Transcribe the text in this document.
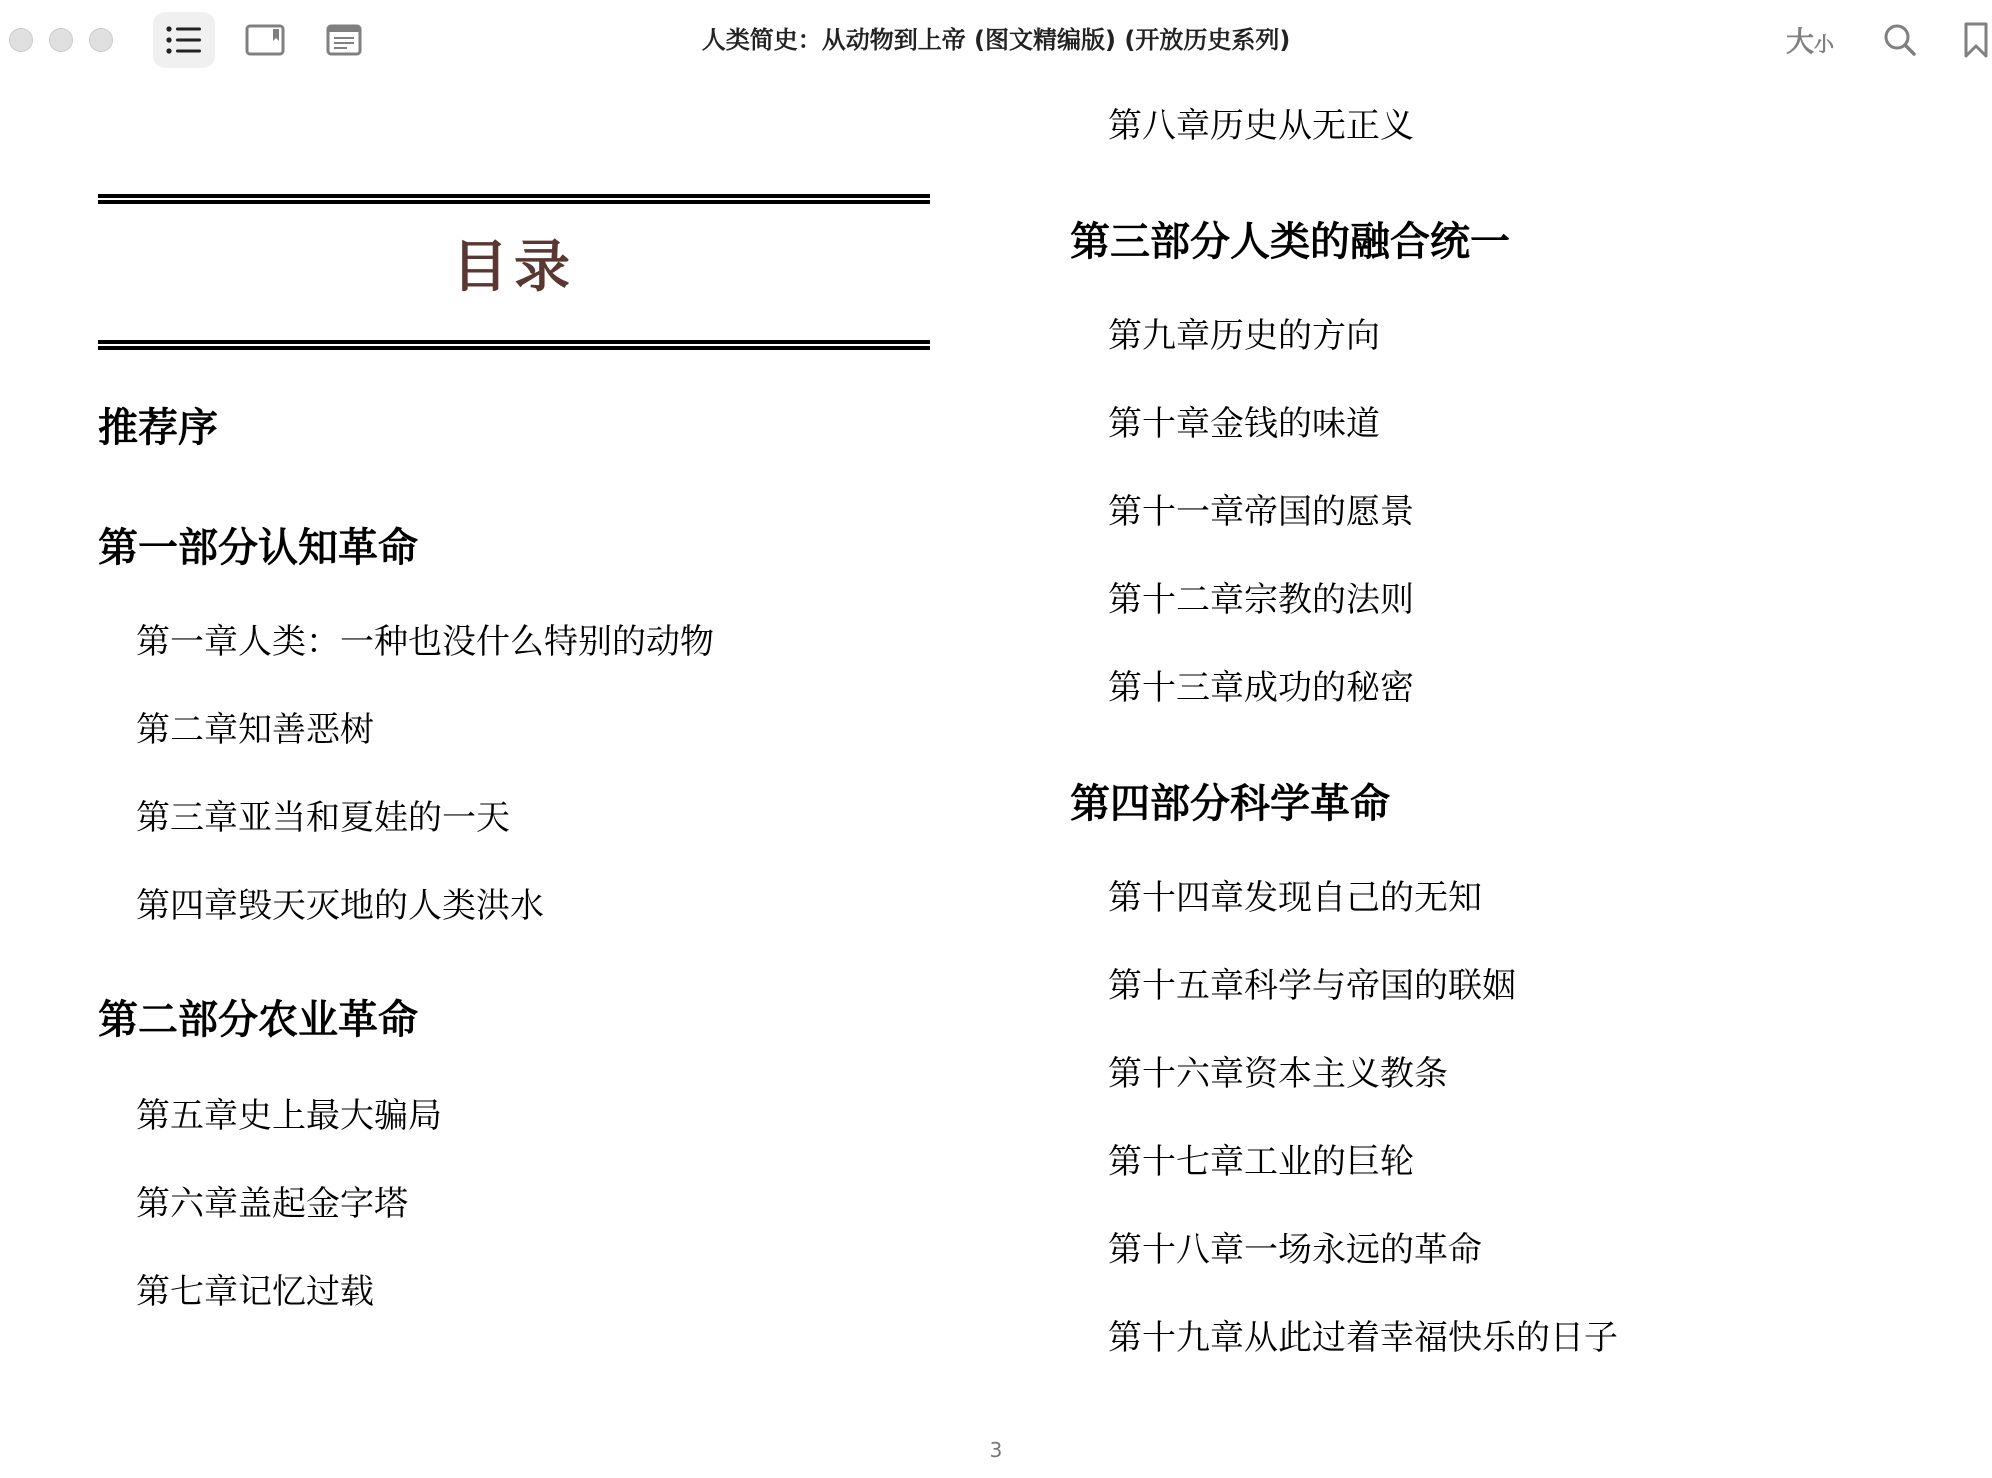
人类简史：从动物到上帝 (图文精编版) (开放历史系列)	大 小
目录
推荐序
第一部分认知革命
第一章人类：一种也没什么特别的动物
第二章知善恶树
第三章亚当和夏娃的一天
第四章毁天灭地的人类洪水
第二部分农业革命
第五章史上最大骗局
第六章盖起金字塔
第七章记忆过载
第八章历史从无正义
第三部分人类的融合统一
第九章历史的方向
第十章金钱的味道
第十一章帝国的愿景
第十二章宗教的法则
第十三章成功的秘密
第四部分科学革命
第十四章发现自己的无知
第十五章科学与帝国的联姻
第十六章资本主义教条
第十七章工业的巨轮
第十八章一场永远的革命
第十九章从此过着幸福快乐的日子
3
